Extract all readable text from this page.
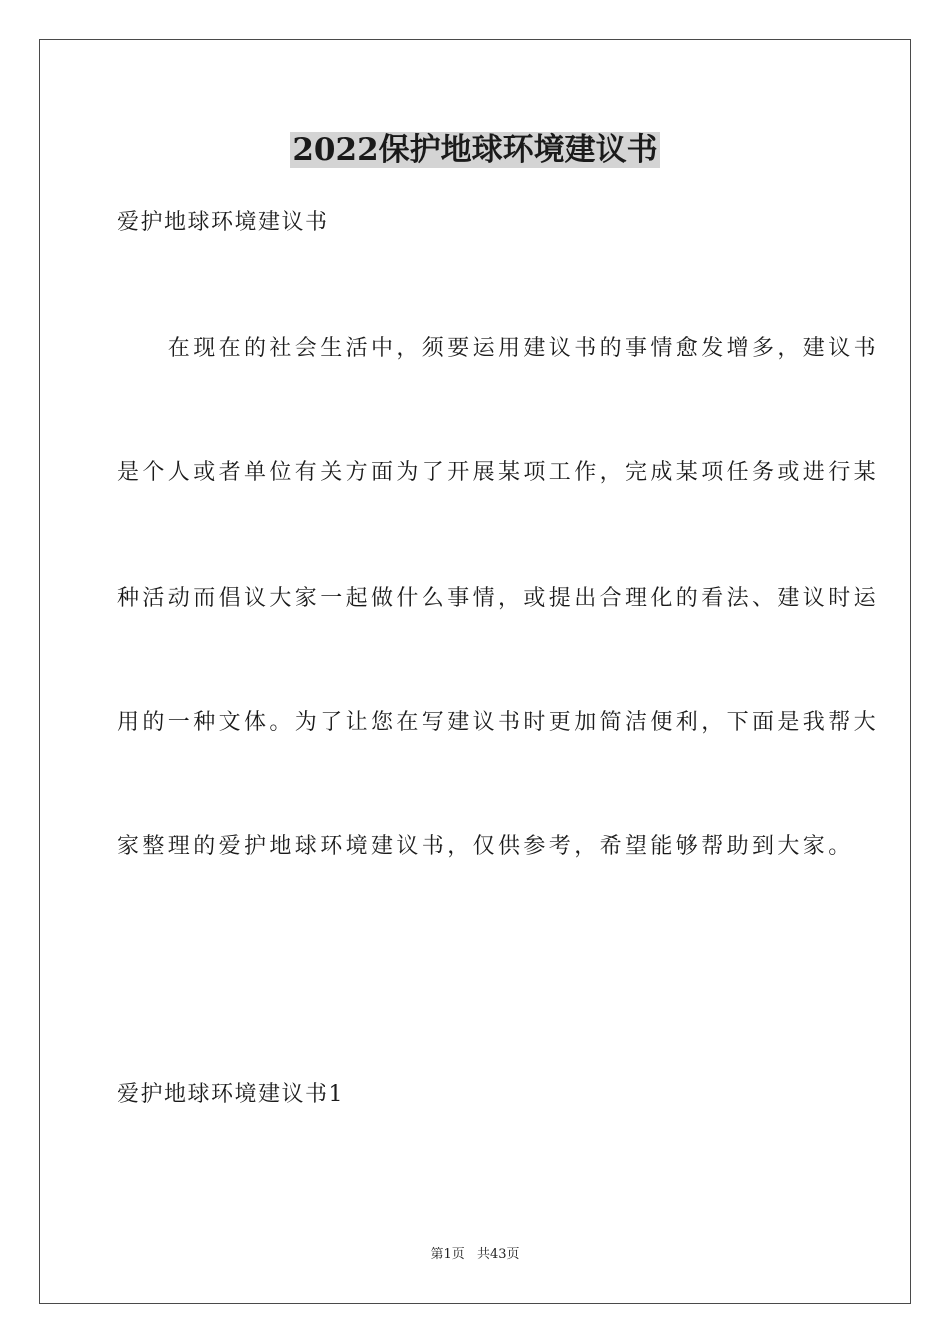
2022保护地球环境建议书

爱护地球环境建议书

　　在现在的社会生活中，须要运用建议书的事情愈发增多，建议书

是个人或者单位有关方面为了开展某项工作，完成某项任务或进行某

种活动而倡议大家一起做什么事情，或提出合理化的看法、建议时运

用的一种文体。为了让您在写建议书时更加简洁便利，下面是我帮大

家整理的爱护地球环境建议书，仅供参考，希望能够帮助到大家。

爱护地球环境建议书1

第1页 共43页
